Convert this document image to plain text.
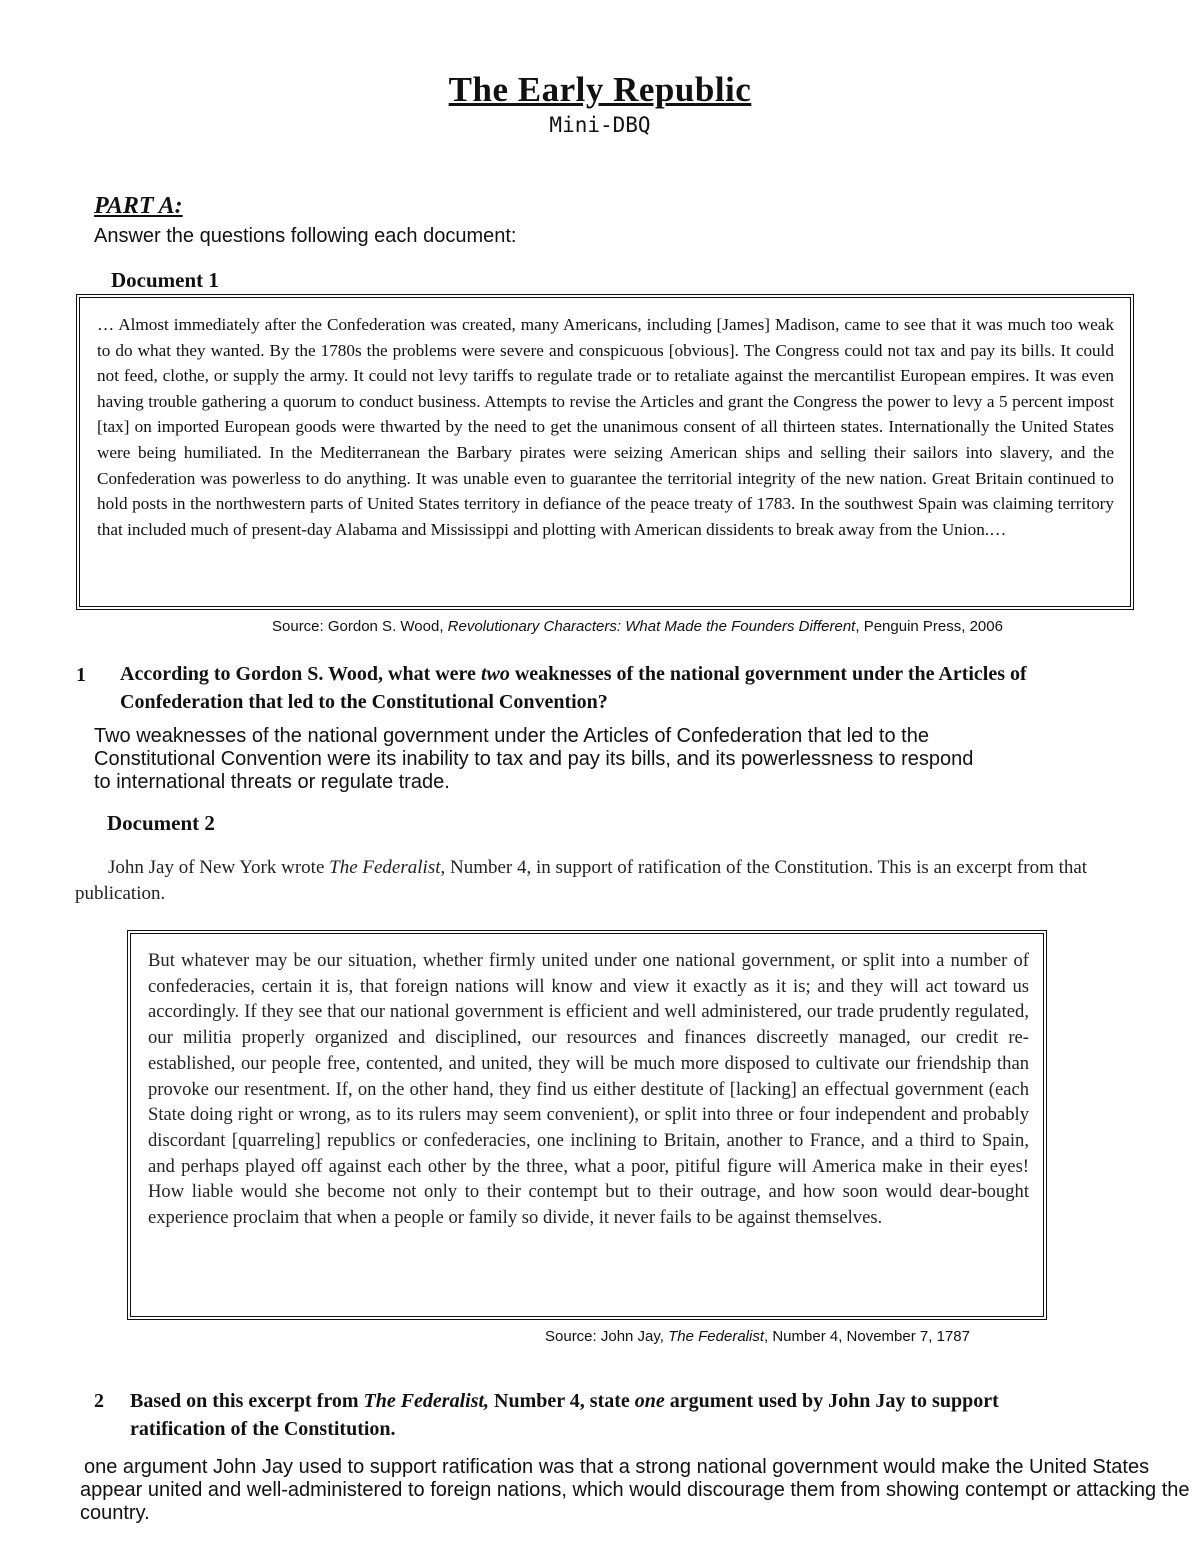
The Early Republic
Mini-DBQ
PART A:
Answer the questions following each document:
Document 1
… Almost immediately after the Confederation was created, many Americans, including [James] Madison, came to see that it was much too weak to do what they wanted. By the 1780s the problems were severe and conspicuous [obvious]. The Congress could not tax and pay its bills. It could not feed, clothe, or supply the army. It could not levy tariffs to regulate trade or to retaliate against the mercantilist European empires. It was even having trouble gathering a quorum to conduct business. Attempts to revise the Articles and grant the Congress the power to levy a 5 percent impost [tax] on imported European goods were thwarted by the need to get the unanimous consent of all thirteen states. Internationally the United States were being humiliated. In the Mediterranean the Barbary pirates were seizing American ships and selling their sailors into slavery, and the Confederation was powerless to do anything. It was unable even to guarantee the territorial integrity of the new nation. Great Britain continued to hold posts in the northwestern parts of United States territory in defiance of the peace treaty of 1783. In the southwest Spain was claiming territory that included much of present-day Alabama and Mississippi and plotting with American dissidents to break away from the Union.…
Source: Gordon S. Wood, Revolutionary Characters: What Made the Founders Different, Penguin Press, 2006
1 According to Gordon S. Wood, what were two weaknesses of the national government under the Articles of Confederation that led to the Constitutional Convention?
Two weaknesses of the national government under the Articles of Confederation that led to the Constitutional Convention were its inability to tax and pay its bills, and its powerlessness to respond to international threats or regulate trade.
Document 2
John Jay of New York wrote The Federalist, Number 4, in support of ratification of the Constitution. This is an excerpt from that publication.
But whatever may be our situation, whether firmly united under one national government, or split into a number of confederacies, certain it is, that foreign nations will know and view it exactly as it is; and they will act toward us accordingly. If they see that our national government is efficient and well administered, our trade prudently regulated, our militia properly organized and disciplined, our resources and finances discreetly managed, our credit re-established, our people free, contented, and united, they will be much more disposed to cultivate our friendship than provoke our resentment. If, on the other hand, they find us either destitute of [lacking] an effectual government (each State doing right or wrong, as to its rulers may seem convenient), or split into three or four independent and probably discordant [quarreling] republics or confederacies, one inclining to Britain, another to France, and a third to Spain, and perhaps played off against each other by the three, what a poor, pitiful figure will America make in their eyes! How liable would she become not only to their contempt but to their outrage, and how soon would dear-bought experience proclaim that when a people or family so divide, it never fails to be against themselves.
Source: John Jay, The Federalist, Number 4, November 7, 1787
2 Based on this excerpt from The Federalist, Number 4, state one argument used by John Jay to support ratification of the Constitution.
one argument John Jay used to support ratification was that a strong national government would make the United States appear united and well-administered to foreign nations, which would discourage them from showing contempt or attacking the country.
